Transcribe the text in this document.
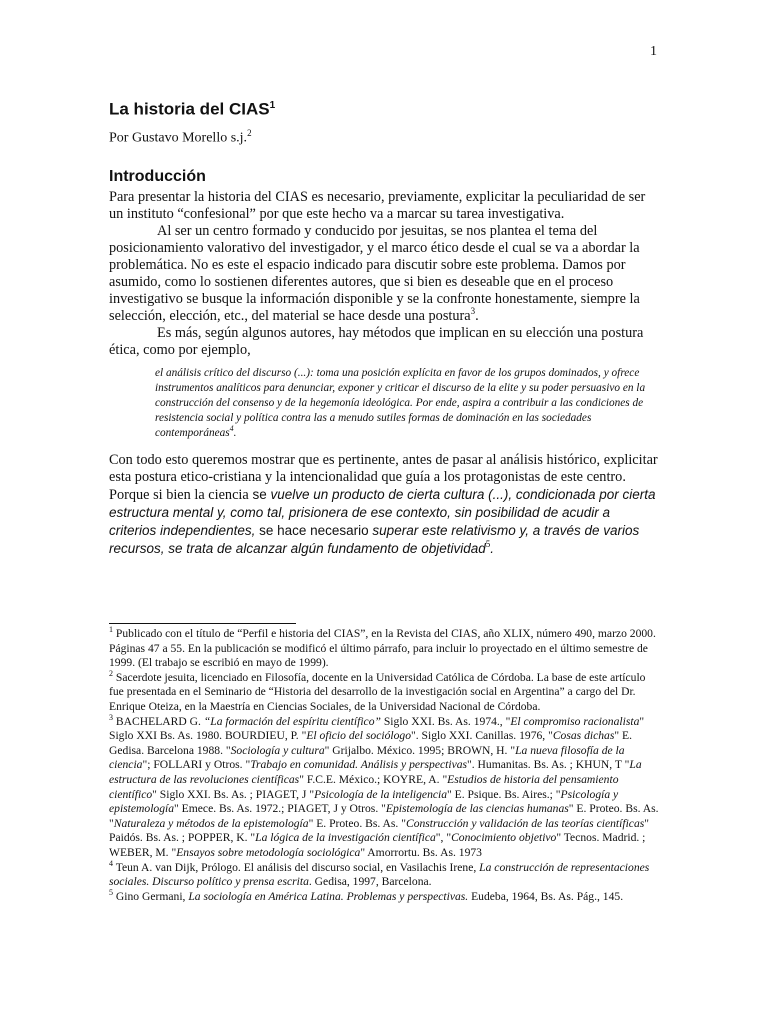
1
La historia del CIAS$^1$

Por Gustavo Morello s.j.$^2$

Introducción

Para presentar la historia del CIAS es necesario, previamente, explicitar la peculiaridad de ser un instituto “confesional” por que este hecho va a marcar su tarea investigativa.

Al ser un centro formado y conducido por jesuitas, se nos plantea el tema del posicionamiento valorativo del investigador, y el marco ético desde el cual se va a abordar la problemática. No es este el espacio indicado para discutir sobre este problema. Damos por asumido, como lo sostienen diferentes autores, que si bien es deseable que en el proceso investigativo se busque la información disponible y se la confronte honestamente, siempre la selección, elección, etc., del material se hace desde una postura$^3$.

Es más, según algunos autores, hay métodos que implican en su elección una postura ética, como por ejemplo,

el análisis crítico del discurso (...): toma una posición explícita en favor de los grupos dominados, y ofrece instrumentos analíticos para denunciar, exponer y criticar el discurso de la elite y su poder persuasivo en la construcción del consenso y de la hegemonía ideológica. Por ende, aspira a contribuir a las condiciones de resistencia social y política contra las a menudo sutiles formas de dominación en las sociedades contemporáneas$^4$.

Con todo esto queremos mostrar que es pertinente, antes de pasar al análisis histórico, explicitar esta postura etico-cristiana y la intencionalidad que guía a los protagonistas de este centro. Porque si bien la ciencia se vuelve un producto de cierta cultura (...), condicionada por cierta estructura mental y, como tal, prisionera de ese contexto, sin posibilidad de acudir a criterios independientes, se hace necesario superar este relativismo y, a través de varios recursos, se trata de alcanzar algún fundamento de objetividad$^5$.

$^1$ Publicado con el título de “Perfil e historia del CIAS”, en la Revista del CIAS, año XLIX, número 490, marzo 2000. Páginas 47 a 55. En la publicación se modificó el último párrafo, para incluir lo proyectado en el último semestre de 1999. (El trabajo se escribió en mayo de 1999).

$^2$ Sacerdote jesuita, licenciado en Filosofía, docente en la Universidad Católica de Córdoba. La base de este artículo fue presentada en el Seminario de “Historia del desarrollo de la investigación social en Argentina” a cargo del Dr. Enrique Oteiza, en la Maestría en Ciencias Sociales, de la Universidad Nacional de Córdoba.

$^3$ BACHELARD G. “La formación del espíritu científico” Siglo XXI. Bs. As. 1974., "El compromiso racionalista" Siglo XXI Bs. As. 1980. BOURDIEU, P. "El oficio del sociólogo". Siglo XXI. Canillas. 1976, "Cosas dichas" E. Gedisa. Barcelona 1988. "Sociología y cultura" Grijalbo. México. 1995; BROWN, H. "La nueva filosofía de la ciencia"; FOLLARI y Otros. "Trabajo en comunidad. Análisis y perspectivas". Humanitas. Bs. As. ; KHUN, T "La estructura de las revoluciones científicas" F.C.E. México.; KOYRE, A. "Estudios de historia del pensamiento científico" Siglo XXI. Bs. As. ; PIAGET, J "Psicología de la inteligencia" E. Psique. Bs. Aires.; "Psicología y epistemología" Emece. Bs. As. 1972.; PIAGET, J y Otros. "Epistemología de las ciencias humanas" E. Proteo. Bs. As. "Naturaleza y métodos de la epistemología" E. Proteo. Bs. As. "Construcción y validación de las teorías científicas" Paidós. Bs. As. ; POPPER, K. "La lógica de la investigación científica", "Conocimiento objetivo" Tecnos. Madrid. ; WEBER, M. "Ensayos sobre metodología sociológica" Amorrortu. Bs. As. 1973

$^4$ Teun A. van Dijk, Prólogo. El análisis del discurso social, en Vasilachis Irene, La construcción de representaciones sociales. Discurso político y prensa escrita. Gedisa, 1997, Barcelona.

$^5$ Gino Germani, La sociología en América Latina. Problemas y perspectivas. Eudeba, 1964, Bs. As. Pág., 145.
